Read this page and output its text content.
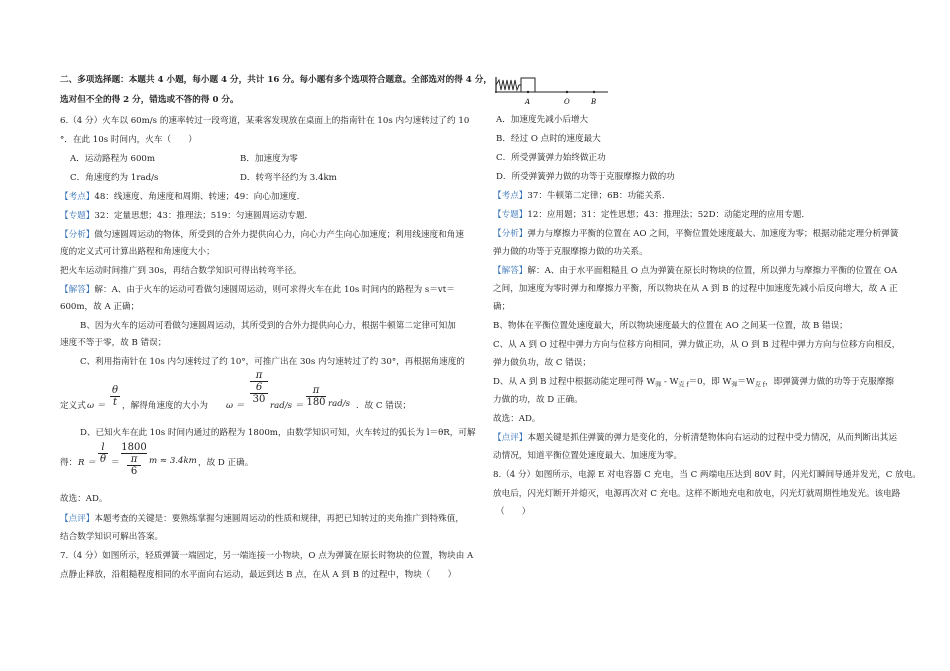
二、多项选择题：本题共 4 小题，每小题 4 分，共计 16 分。每小题有多个选项符合题意。全部选对的得 4 分，
选对但不全的得 2 分，错选或不答的得 0 分。
6.（4 分）火车以 60m/s 的速率转过一段弯道，某乘客发现放在桌面上的指南针在 10s 内匀速转过了约 10
°．在此 10s 时间内，火车（　　）
A．运动路程为 600m	B．加速度为零
C．角速度约为 1rad/s	D．转弯半径约为 3.4km
【考点】48：线速度、角速度和周期、转速；49：向心加速度．
【专题】32：定量思想；43：推理法；519：匀速圆周运动专题．
【分析】做匀速圆周运动的物体，所受到的合外力提供向心力，向心力产生向心加速度；利用线速度和角速
度的定义式可计算出路程和角速度大小；
把火车运动时间推广到 30s，再结合数学知识可得出转弯半径。
【解答】解：A、由于火车的运动可看做匀速圆周运动，则可求得火车在此 10s 时间内的路程为 s＝vt＝
600m，故 A 正确；
B、因为火车的运动可看做匀速圆周运动，其所受到的合外力提供向心力，根据牛顿第二定律可知加
速度不等于零，故 B 错误；
C、利用指南针在 10s 内匀速转过了约 10°，可推广出在 30s 内匀速转过了约 30°，再根据角速度的
定义式 $\omega = \frac{\theta}{t}$ ，解得角速度的大小为 ω ＝
π
6
30
$rad/s = \frac{\pi}{180} rad/s$ ．故 C 错误；
D、已知火车在此 10s 时间内通过的路程为 1800m，由数学知识可知，火车转过的弧长为 l＝θR，可解
得： $R = \frac{l}{\theta}$ ＝
1800
π
6
m ≈ 3.4km ，故 D 正确。
故选：AD。
【点评】本题考查的关键是：要熟练掌握匀速圆周运动的性质和规律，再把已知转过的夹角推广到特殊值，
结合数学知识可解出答案。
7.（4 分）如图所示，轻质弹簧一端固定，另一端连接一小物块，O 点为弹簧在原长时物块的位置，物块由 A
点静止释放，沿粗糙程度相同的水平面向右运动，最远到达 B 点，在从 A 到 B 的过程中，物块（　　）
A	O	B
A．加速度先减小后增大
B．经过 O 点时的速度最大
C．所受弹簧弹力始终做正功
D．所受弹簧弹力做的功等于克服摩擦力做的功
【考点】37：牛顿第二定律；6B：功能关系．
【专题】12：应用题；31：定性思想；43：推理法；52D：动能定理的应用专题．
【分析】弹力与摩擦力平衡的位置在 AO 之间，平衡位置处速度最大、加速度为零；根据动能定理分析弹簧
弹力做的功等于克服摩擦力做的功关系。
【解答】解：A、由于水平面粗糙且 O 点为弹簧在原长时物块的位置，所以弹力与摩擦力平衡的位置在 OA
之间，加速度为零时弹力和摩擦力平衡，所以物块在从 A 到 B 的过程中加速度先减小后反向增大，故 A 正
确；
B、物体在平衡位置处速度最大，所以物块速度最大的位置在 AO 之间某一位置，故 B 错误；
C、从 A 到 O 过程中弹力方向与位移方向相同，弹力做正功，从 O 到 B 过程中弹力方向与位移方向相反，
弹力做负功，故 C 错误；
D、从 A 到 B 过程中根据动能定理可得 $W_弹 - W_{克 f}=0$，即 $W_弹=W_{克 f}$，即弹簧弹力做的功等于克服摩擦
力做的功，故 D 正确。
故选：AD。
【点评】本题关键是抓住弹簧的弹力是变化的，分析清楚物体向右运动的过程中受力情况，从而判断出其运
动情况，知道平衡位置处速度最大、加速度为零。
8.（4 分）如图所示，电源 E 对电容器 C 充电，当 C 两端电压达到 80V 时，闪光灯瞬间导通并发光，C 放电。
放电后，闪光灯断开并熄灭，电源再次对 C 充电。这样不断地充电和放电，闪光灯就周期性地发光。该电路
（　　）
